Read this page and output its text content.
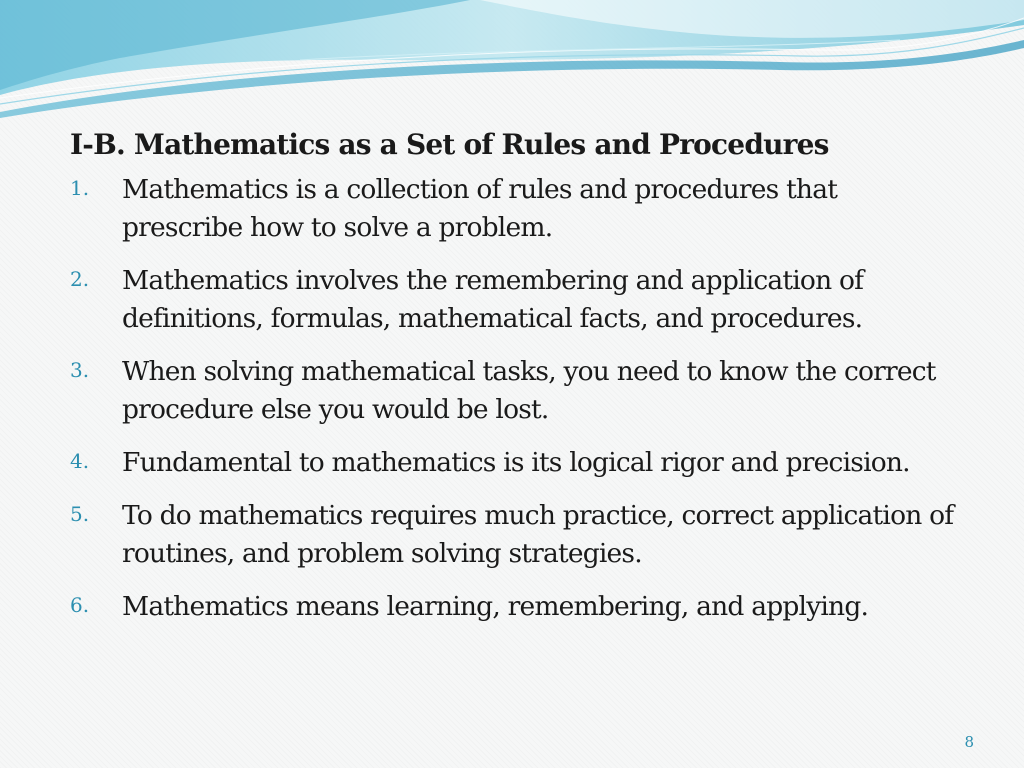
I-B. Mathematics as a Set of Rules and Procedures
1.	Mathematics is a collection of rules and procedures that prescribe how to solve a problem.
2.	Mathematics involves the remembering and application of definitions, formulas, mathematical facts, and procedures.
3.	When solving mathematical tasks, you need to know the correct procedure else you would be lost.
4.	Fundamental to mathematics is its logical rigor and precision.
5.	To do mathematics requires much practice, correct application of routines, and problem solving strategies.
6.	Mathematics means learning, remembering, and applying.
8
